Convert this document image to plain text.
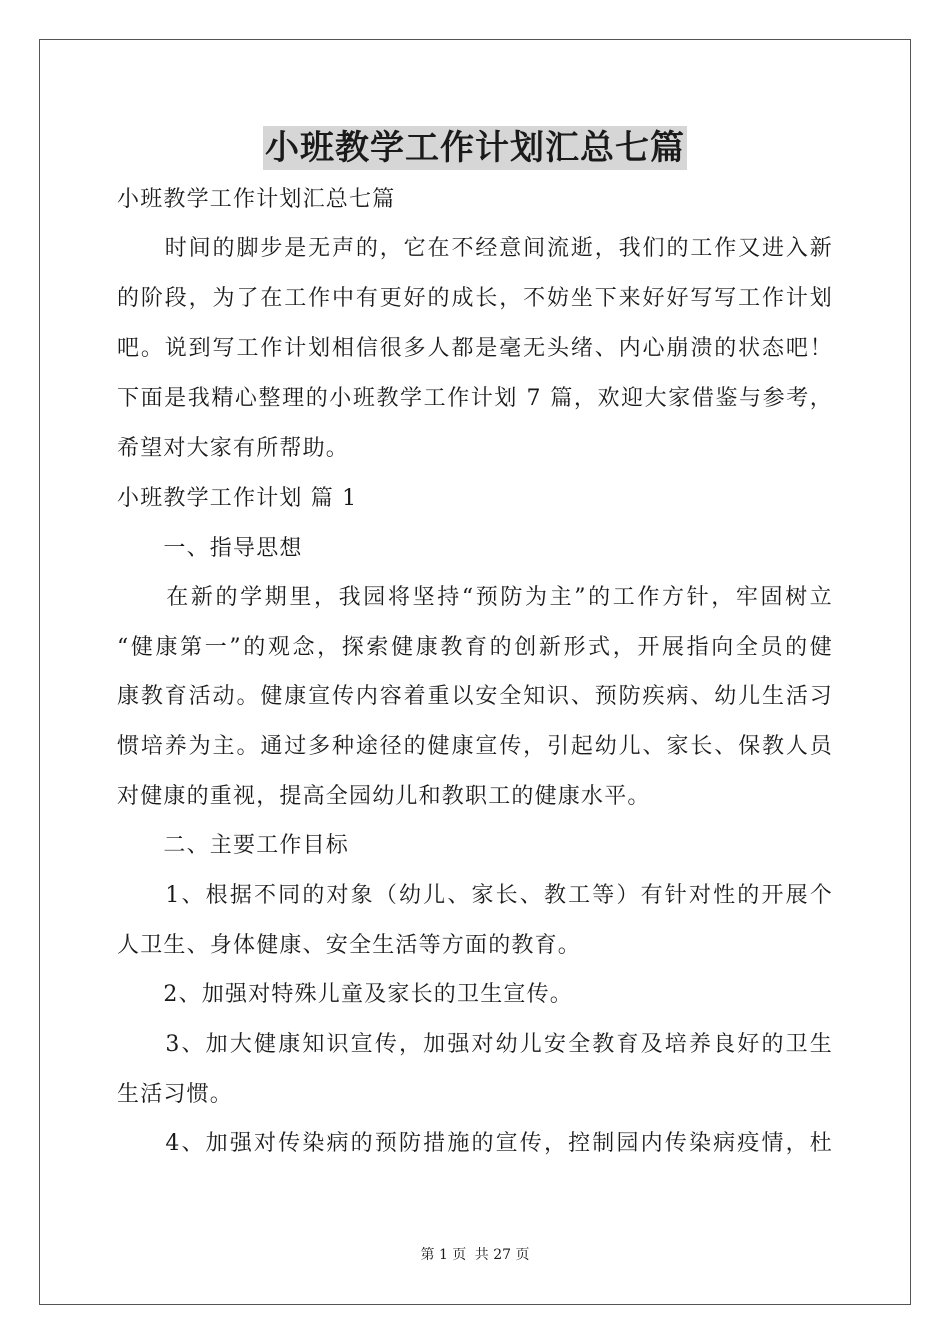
小班教学工作计划汇总七篇
小班教学工作计划汇总七篇
　　时间的脚步是无声的，它在不经意间流逝，我们的工作又进入新
的阶段，为了在工作中有更好的成长，不妨坐下来好好写写工作计划
吧。说到写工作计划相信很多人都是毫无头绪、内心崩溃的状态吧！
下面是我精心整理的小班教学工作计划 7 篇，欢迎大家借鉴与参考，
希望对大家有所帮助。
小班教学工作计划 篇 1
　　一、指导思想
　　在新的学期里，我园将坚持“预防为主”的工作方针，牢固树立
“健康第一”的观念，探索健康教育的创新形式，开展指向全员的健
康教育活动。健康宣传内容着重以安全知识、预防疾病、幼儿生活习
惯培养为主。通过多种途径的健康宣传，引起幼儿、家长、保教人员
对健康的重视，提高全园幼儿和教职工的健康水平。
　　二、主要工作目标
　　1、根据不同的对象（幼儿、家长、教工等）有针对性的开展个
人卫生、身体健康、安全生活等方面的教育。
　　2、加强对特殊儿童及家长的卫生宣传。
　　3、加大健康知识宣传，加强对幼儿安全教育及培养良好的卫生
生活习惯。
　　4、加强对传染病的预防措施的宣传，控制园内传染病疫情，杜
第 1 页 共 27 页
